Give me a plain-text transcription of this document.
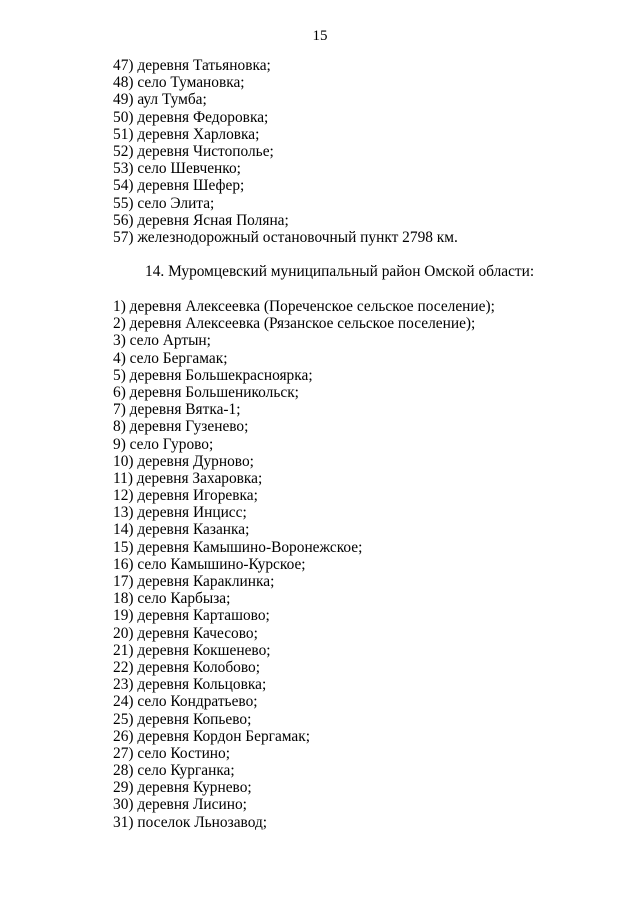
15
47) деревня Татьяновка;
48) село Тумановка;
49) аул Тумба;
50) деревня Федоровка;
51) деревня Харловка;
52) деревня Чистополье;
53) село Шевченко;
54) деревня Шефер;
55) село Элита;
56) деревня Ясная Поляна;
57) железнодорожный остановочный пункт 2798 км.
14. Муромцевский муниципальный район Омской области:
1) деревня Алексеевка (Пореченское сельское поселение);
2) деревня Алексеевка (Рязанское сельское поселение);
3) село Артын;
4) село Бергамак;
5) деревня Большекрасноярка;
6) деревня Большеникольск;
7) деревня Вятка-1;
8) деревня Гузенево;
9) село Гурово;
10) деревня Дурново;
11) деревня Захаровка;
12) деревня Игоревка;
13) деревня Инцисс;
14) деревня Казанка;
15) деревня Камышино-Воронежское;
16) село Камышино-Курское;
17) деревня Караклинка;
18) село Карбыза;
19) деревня Карташово;
20) деревня Качесово;
21) деревня Кокшенево;
22) деревня Колобово;
23) деревня Кольцовка;
24) село Кондратьево;
25) деревня Копьево;
26) деревня Кордон Бергамак;
27) село Костино;
28) село Курганка;
29) деревня Курнево;
30) деревня Лисино;
31) поселок Льнозавод;
